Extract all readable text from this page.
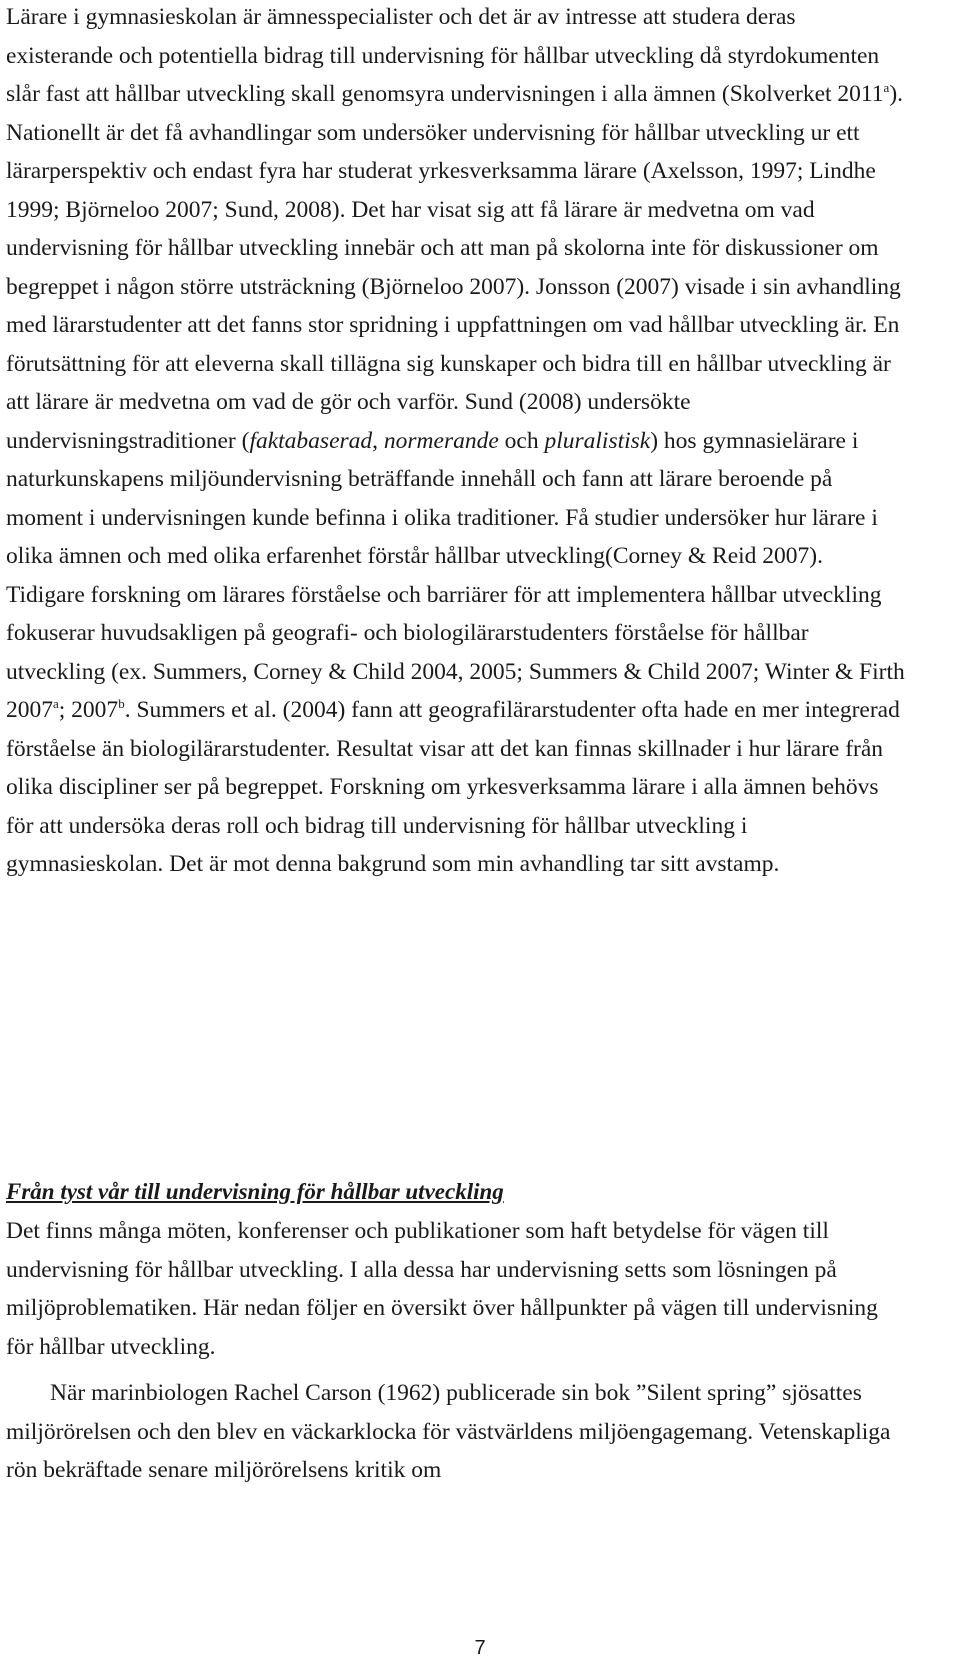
Lärare i gymnasieskolan är ämnesspecialister och det är av intresse att studera deras existerande och potentiella bidrag till undervisning för hållbar utveckling då styrdokumenten slår fast att hållbar utveckling skall genomsyra undervisningen i alla ämnen (Skolverket 2011$^a$). Nationellt är det få avhandlingar som undersöker undervisning för hållbar utveckling ur ett lärarperspektiv och endast fyra har studerat yrkesverksamma lärare (Axelsson, 1997; Lindhe 1999; Björneloo 2007; Sund, 2008). Det har visat sig att få lärare är medvetna om vad undervisning för hållbar utveckling innebär och att man på skolorna inte för diskussioner om begreppet i någon större utsträckning (Björneloo 2007). Jonsson (2007) visade i sin avhandling med lärarstudenter att det fanns stor spridning i uppfattningen om vad hållbar utveckling är. En förutsättning för att eleverna skall tillägna sig kunskaper och bidra till en hållbar utveckling är att lärare är medvetna om vad de gör och varför. Sund (2008) undersökte undervisningstraditioner (faktabaserad, normerande och pluralistisk) hos gymnasielärare i naturkunskapens miljöundervisning beträffande innehåll och fann att lärare beroende på moment i undervisningen kunde befinna i olika traditioner. Få studier undersöker hur lärare i olika ämnen och med olika erfarenhet förstår hållbar utveckling(Corney & Reid 2007). Tidigare forskning om lärares förståelse och barriärer för att implementera hållbar utveckling fokuserar huvudsakligen på geografi- och biologilärarstudenters förståelse för hållbar utveckling (ex. Summers, Corney & Child 2004, 2005; Summers & Child 2007; Winter & Firth 2007$^a$; 2007$^b$. Summers et al. (2004) fann att geografilärarstudenter ofta hade en mer integrerad förståelse än biologilärarstudenter. Resultat visar att det kan finnas skillnader i hur lärare från olika discipliner ser på begreppet. Forskning om yrkesverksamma lärare i alla ämnen behövs för att undersöka deras roll och bidrag till undervisning för hållbar utveckling i gymnasieskolan. Det är mot denna bakgrund som min avhandling tar sitt avstamp.

Från tyst vår till undervisning för hållbar utveckling

Det finns många möten, konferenser och publikationer som haft betydelse för vägen till undervisning för hållbar utveckling. I alla dessa har undervisning setts som lösningen på miljöproblematiken. Här nedan följer en översikt över hållpunkter på vägen till undervisning för hållbar utveckling.

När marinbiologen Rachel Carson (1962) publicerade sin bok ”Silent spring” sjösattes miljörörelsen och den blev en väckarklocka för västvärldens miljöengagemang. Vetenskapliga rön bekräftade senare miljörörelsens kritik om

7
